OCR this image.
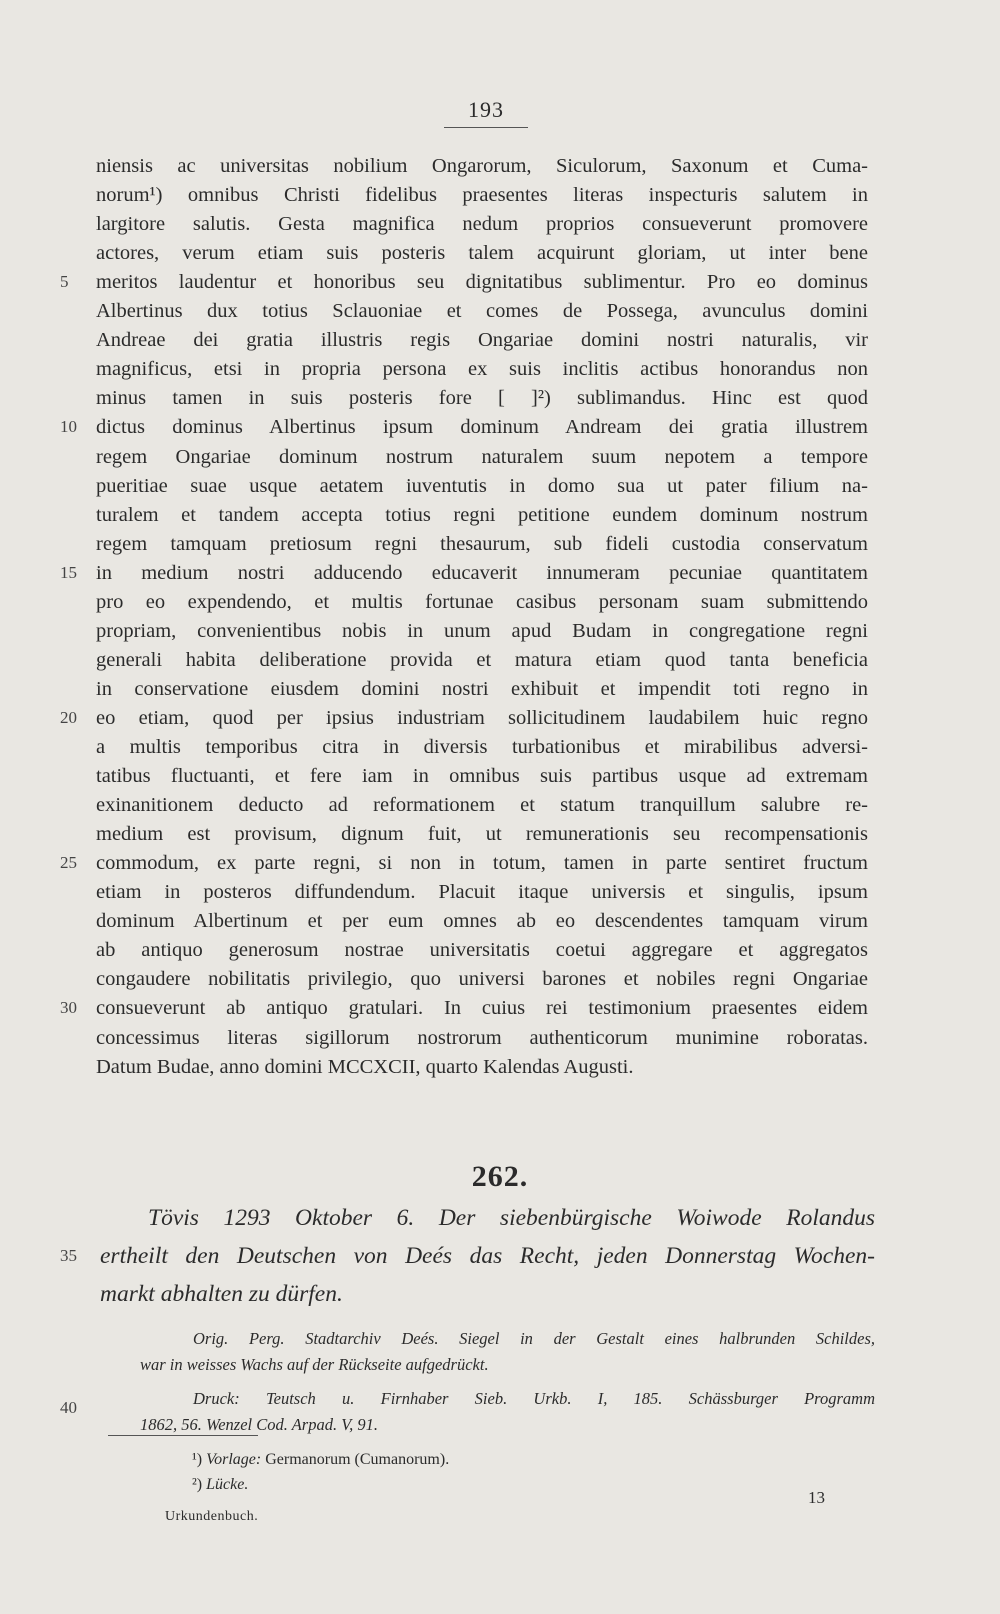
193
niensis ac universitas nobilium Ongarorum, Siculorum, Saxonum et Cuma-
norum¹) omnibus Christi fidelibus praesentes literas inspecturis salutem in
largitore salutis. Gesta magnifica nedum proprios consueverunt promovere
actores, verum etiam suis posteris talem acquirunt gloriam, ut inter bene
meritos laudentur et honoribus seu dignitatibus sublimentur. Pro eo dominus
5
Albertinus dux totius Sclauoniae et comes de Possega, avunculus domini
Andreae dei gratia illustris regis Ongariae domini nostri naturalis, vir
magnificus, etsi in propria persona ex suis inclitis actibus honorandus non
minus tamen in suis posteris fore [ ]²) sublimandus. Hinc est quod
dictus dominus Albertinus ipsum dominum Andream dei gratia illustrem
10
regem Ongariae dominum nostrum naturalem suum nepotem a tempore
pueritiae suae usque aetatem iuventutis in domo sua ut pater filium na-
turalem et tandem accepta totius regni petitione eundem dominum nostrum
regem tamquam pretiosum regni thesaurum, sub fideli custodia conservatum
in medium nostri adducendo educaverit innumeram pecuniae quantitatem
15
pro eo expendendo, et multis fortunae casibus personam suam submittendo
propriam, convenientibus nobis in unum apud Budam in congregatione regni
generali habita deliberatione provida et matura etiam quod tanta beneficia
in conservatione eiusdem domini nostri exhibuit et impendit toti regno in
eo etiam, quod per ipsius industriam sollicitudinem laudabilem huic regno
20
a multis temporibus citra in diversis turbationibus et mirabilibus adversi-
tatibus fluctuanti, et fere iam in omnibus suis partibus usque ad extremam
exinanitionem deducto ad reformationem et statum tranquillum salubre re-
medium est provisum, dignum fuit, ut remunerationis seu recompensationis
commodum, ex parte regni, si non in totum, tamen in parte sentiret fructum
25
etiam in posteros diffundendum. Placuit itaque universis et singulis, ipsum
dominum Albertinum et per eum omnes ab eo descendentes tamquam virum
ab antiquo generosum nostrae universitatis coetui aggregare et aggregatos
congaudere nobilitatis privilegio, quo universi barones et nobiles regni Ongariae
consueverunt ab antiquo gratulari. In cuius rei testimonium praesentes eidem
30
concessimus literas sigillorum nostrorum authenticorum munimine roboratas.
Datum Budae, anno domini MCCXCII, quarto Kalendas Augusti.
262.
Tövis 1293 Oktober 6. Der siebenbürgische Woiwode Rolandus
ertheilt den Deutschen von Deés das Recht, jeden Donnerstag Wochen-
35
markt abhalten zu dürfen.
Orig. Perg. Stadtarchiv Deés. Siegel in der Gestalt eines halbrunden Schildes,
war in weisses Wachs auf der Rückseite aufgedrückt.
Druck: Teutsch u. Firnhaber Sieb. Urkb. I, 185. Schässburger Programm
40
1862, 56. Wenzel Cod. Arpad. V, 91.
¹) Vorlage: Germanorum (Cumanorum).
²) Lücke.
Urkundenbuch.
13
